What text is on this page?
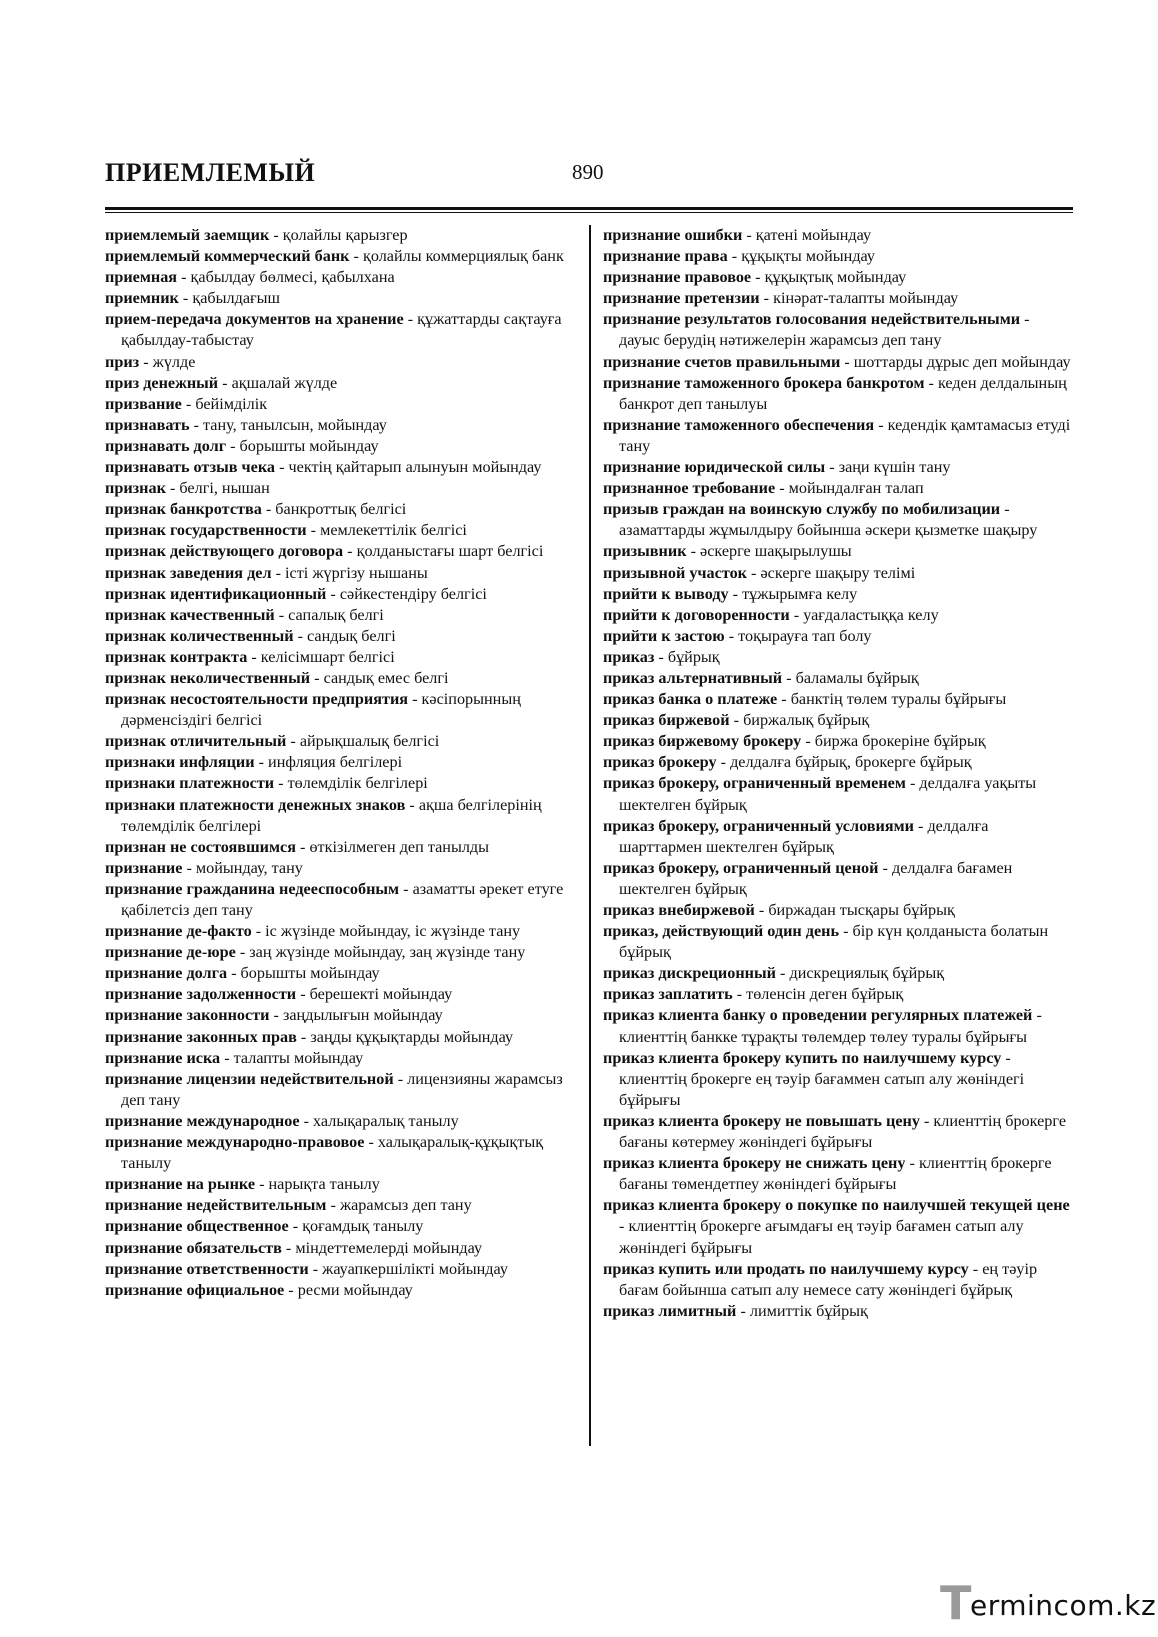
ПРИЕМЛЕМЫЙ	890

приемлемый заемщик - қолайлы қарызгер

приемлемый коммерческий банк - қолайлы коммерциялық банк

приемная - қабылдау бөлмесі, қабылхана

приемник - қабылдағыш

прием-передача документов на хранение - құжаттарды сақтауға қабылдау-табыстау

приз - жүлде

приз денежный - ақшалай жүлде

призвание - бейімділік

признавать - тану, танылсын, мойындау

признавать долг - борышты мойындау

признавать отзыв чека - чектің қайтарып алынуын мойындау

признак - белгі, нышан

признак банкротства - банкроттық белгісі

признак государственности - мемлекеттілік белгісі

признак действующего договора - қолданыстағы шарт белгісі

признак заведения дел - істі жүргізу нышаны

признак идентификационный - сәйкестендіру белгісі

признак качественный - сапалық белгі

признак количественный - сандық белгі

признак контракта - келісімшарт белгісі

признак неколичественный - сандық емес белгі

признак несостоятельности предприятия - кәсіпорынның дәрменсіздігі белгісі

признак отличительный - айрықшалық белгісі

признаки инфляции - инфляция белгілері

признаки платежности - төлемділік белгілері

признаки платежности денежных знаков - ақша белгілерінің төлемділік белгілері

признан не состоявшимся - өткізілмеген деп танылды

признание - мойындау, тану

признание гражданина недееспособным - азаматты әрекет етуге қабілетсіз деп тану

признание де-факто - іс жүзінде мойындау, іс жүзінде тану

признание де-юре - заң жүзінде мойындау, заң жүзінде тану

признание долга - борышты мойындау

признание задолженности - берешекті мойындау

признание законности - заңдылығын мойындау

признание законных прав - заңды құқықтарды мойындау

признание иска - талапты мойындау

признание лицензии недействительной - лицензияны жарамсыз деп тану

признание международное - халықаралық танылу

признание международно-правовое - халықаралық-құқықтық танылу

признание на рынке - нарықта танылу

признание недействительным - жарамсыз деп тану

признание общественное - қоғамдық танылу

признание обязательств - міндеттемелерді мойындау

признание ответственности - жауапкершілікті мойындау

признание официальное - ресми мойындау

признание ошибки - қатені мойындау

признание права - құқықты мойындау

признание правовое - құқықтық мойындау

признание претензии - кінәрат-талапты мойындау

признание результатов голосования недействительными - дауыс берудің нәтижелерін жарамсыз деп тану

признание счетов правильными - шоттарды дұрыс деп мойындау

признание таможенного брокера банкротом - кеден делдалының банкрот деп танылуы

признание таможенного обеспечения - кедендік қамтамасыз етуді тану

признание юридической силы - заңи күшін тану

признанное требование - мойындалған талап

призыв граждан на воинскую службу по мобилизации - азаматтарды жұмылдыру бойынша әскери қызметке шақыру

призывник - әскерге шақырылушы

призывной участок - әскерге шақыру телімі

прийти к выводу - тұжырымға келу

прийти к договоренности - уағдаластыққа келу

прийти к застою - тоқырауға тап болу

приказ - бұйрық

приказ альтернативный - баламалы бұйрық

приказ банка о платеже - банктің төлем туралы бұйрығы

приказ биржевой - биржалық бұйрық

приказ биржевому брокеру - биржа брокеріне бұйрық

приказ брокеру - делдалға бұйрық, брокерге бұйрық

приказ брокеру, ограниченный временем - делдалға уақыты шектелген бұйрық

приказ брокеру, ограниченный условиями - делдалға шарттармен шектелген бұйрық

приказ брокеру, ограниченный ценой - делдалға бағамен шектелген бұйрық

приказ внебиржевой - биржадан тысқары бұйрық

приказ, действующий один день - бір күн қолданыста болатын бұйрық

приказ дискреционный - дискрециялық бұйрық

приказ заплатить - төленсін деген бұйрық

приказ клиента банку о проведении регулярных платежей - клиенттің банкке тұрақты төлемдер төлеу туралы бұйрығы

приказ клиента брокеру купить по наилучшему курсу - клиенттің брокерге ең тәуір бағаммен сатып алу жөніндегі бұйрығы

приказ клиента брокеру не повышать цену - клиенттің брокерге бағаны көтермеу жөніндегі бұйрығы

приказ клиента брокеру не снижать цену - клиенттің брокерге бағаны төмендетпеу жөніндегі бұйрығы

приказ клиента брокеру о покупке по наилучшей текущей цене - клиенттің брокерге ағымдағы ең тәуір бағамен сатып алу жөніндегі бұйрығы

приказ купить или продать по наилучшему курсу - ең тәуір бағам бойынша сатып алу немесе сату жөніндегі бұйрық

приказ лимитный - лимиттік бұйрық

T
ermincom.kz
